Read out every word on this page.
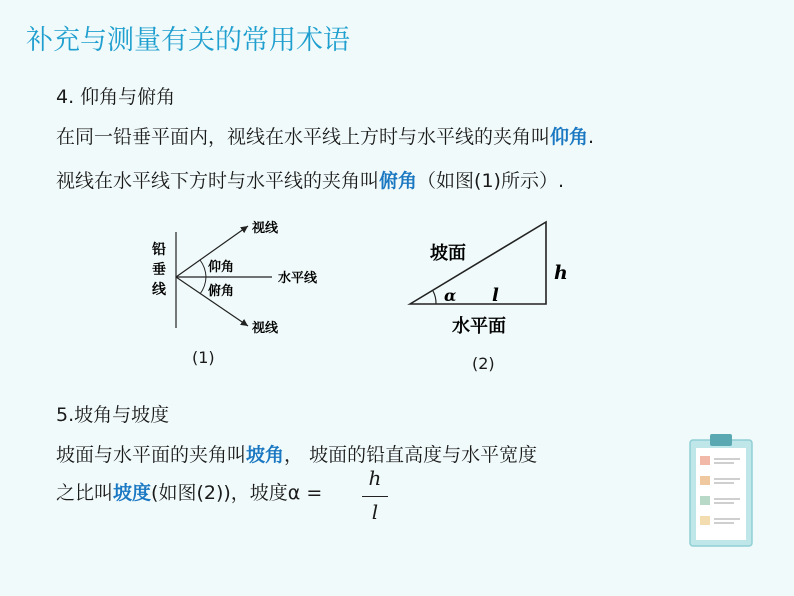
补充与测量有关的常用术语
4. 仰角与俯角
在同一铅垂平面内，视线在水平线上方时与水平线的夹角叫仰角.
视线在水平线下方时与水平线的夹角叫俯角（如图(1)所示）.
铅
垂
线
视线
视线
水平线
仰角
俯角
(1)
坡面
h
α l
水平面
(2)
5.坡角与坡度
坡面与水平面的夹角叫坡角， 坡面的铅直高度与水平宽度
之比叫坡度(如图(2))，坡度α =
h
l
